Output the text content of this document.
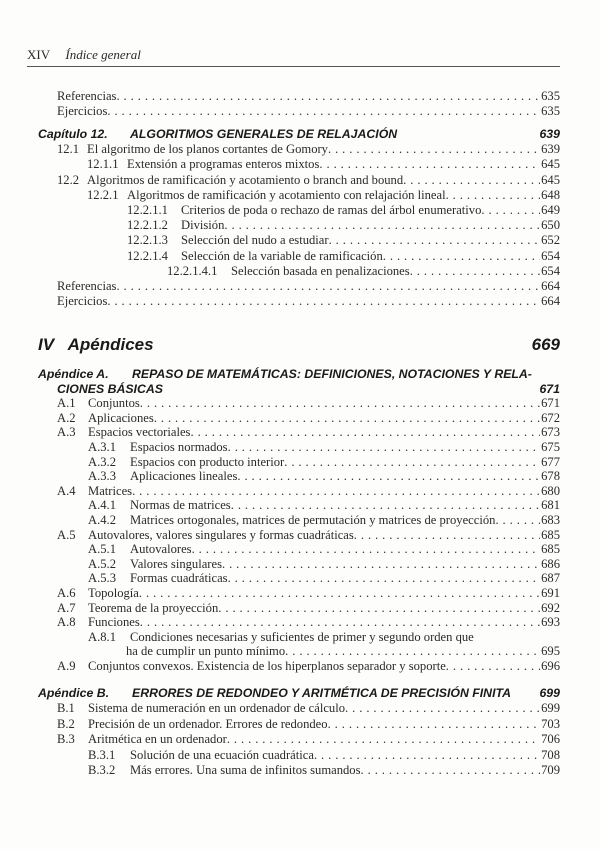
XIV Índice general
Referencias . . .	635
Ejercicios . . .	635
Capítulo 12. ALGORITMOS GENERALES DE RELAJACIÓN	639
12.1 El algoritmo de los planos cortantes de Gomory . . .	639
12.1.1 Extensión a programas enteros mixtos . . .	645
12.2 Algoritmos de ramificación y acotamiento o branch and bound . . .	645
12.2.1 Algoritmos de ramificación y acotamiento con relajación lineal . . .	648
12.2.1.1 Criterios de poda o rechazo de ramas del árbol enumerativo . . .	649
12.2.1.2 División . . .	650
12.2.1.3 Selección del nudo a estudiar . . .	652
12.2.1.4 Selección de la variable de ramificación . . .	654
12.2.1.4.1 Selección basada en penalizaciones . . .	654
Referencias . . .	664
Ejercicios . . .	664
IV Apéndices	669
Apéndice A. REPASO DE MATEMÁTICAS: DEFINICIONES, NOTACIONES Y RELA-
CIONES BÁSICAS	671
A.1 Conjuntos . . .	671
A.2 Aplicaciones . . .	672
A.3 Espacios vectoriales . . .	673
A.3.1 Espacios normados . . .	675
A.3.2 Espacios con producto interior . . .	677
A.3.3 Aplicaciones lineales . . .	678
A.4 Matrices . . .	680
A.4.1 Normas de matrices . . .	681
A.4.2 Matrices ortogonales, matrices de permutación y matrices de proyección . . .	683
A.5 Autovalores, valores singulares y formas cuadráticas . . .	685
A.5.1 Autovalores . . .	685
A.5.2 Valores singulares . . .	686
A.5.3 Formas cuadráticas . . .	687
A.6 Topología . . .	691
A.7 Teorema de la proyección . . .	692
A.8 Funciones . . .	693
A.8.1 Condiciones necesarias y suficientes de primer y segundo orden que
ha de cumplir un punto mínimo . . .	695
A.9 Conjuntos convexos. Existencia de los hiperplanos separador y soporte . . .	696
Apéndice B. ERRORES DE REDONDEO Y ARITMÉTICA DE PRECISIÓN FINITA 699
B.1 Sistema de numeración en un ordenador de cálculo . . .	699
B.2 Precisión de un ordenador. Errores de redondeo . . .	703
B.3 Aritmética en un ordenador . . .	706
B.3.1 Solución de una ecuación cuadrática . . .	708
B.3.2 Más errores. Una suma de infinitos sumandos . . .	709
